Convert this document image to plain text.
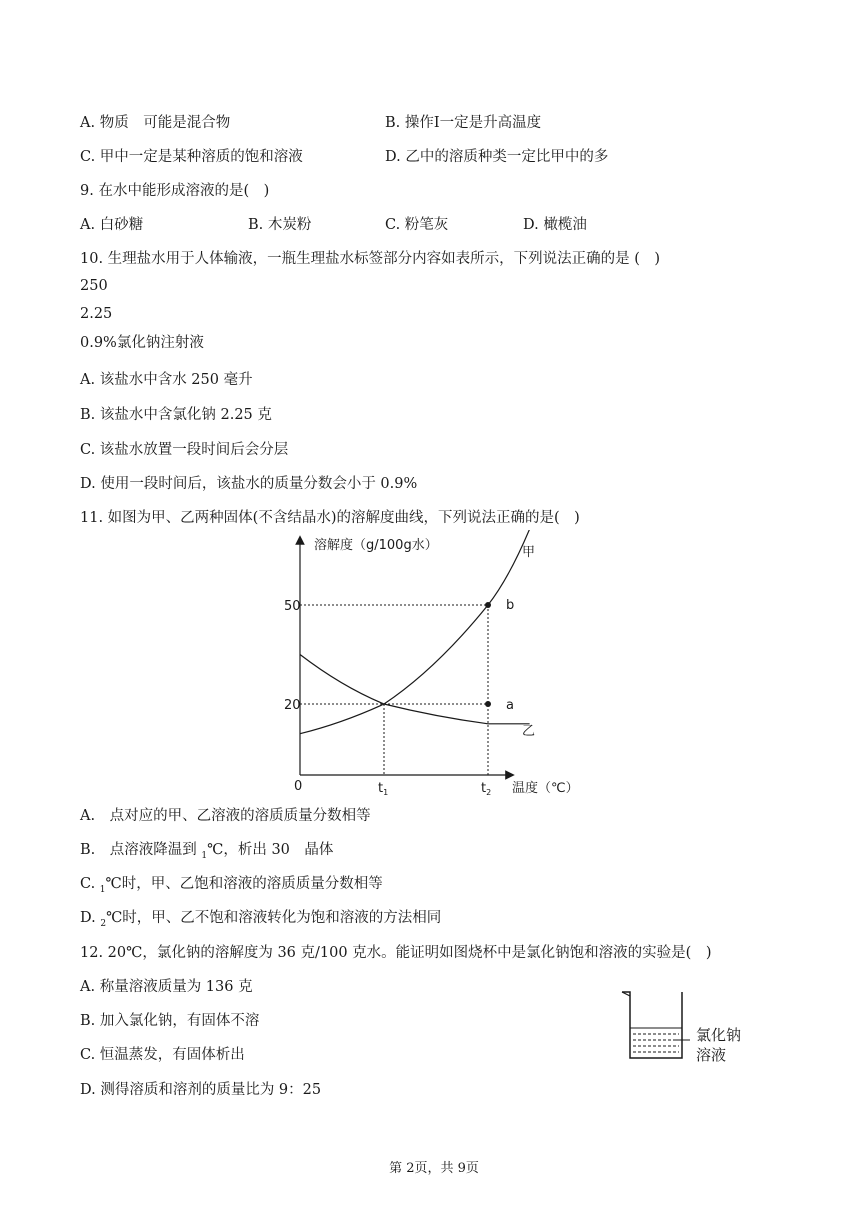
A. 物质　可能是混合物	B. 操作Ⅰ一定是升高温度
C. 甲中一定是某种溶质的饱和溶液	D. 乙中的溶质种类一定比甲中的多
9. 在水中能形成溶液的是(　)
A. 白砂糖	B. 木炭粉	C. 粉笔灰	D. 橄榄油
10. 生理盐水用于人体输液，一瓶生理盐水标签部分内容如表所示，下列说法正确的是 (　)
250
2.25
0.9%氯化钠注射液
A. 该盐水中含水 250 毫升
B. 该盐水中含氯化钠 2.25 克
C. 该盐水放置一段时间后会分层
D. 使用一段时间后，该盐水的质量分数会小于 0.9%
11. 如图为甲、乙两种固体(不含结晶水)的溶解度曲线，下列说法正确的是(　)
溶解度（g/100g水）
温度（℃）
0
50
20
$t_1$	$t_2$
甲
乙
b
a
A.　点对应的甲、乙溶液的溶质质量分数相等
B.　点溶液降温到 $_1$℃，析出 30　晶体
C. $_1$℃时，甲、乙饱和溶液的溶质质量分数相等
D. $_2$℃时，甲、乙不饱和溶液转化为饱和溶液的方法相同
12. 20℃，氯化钠的溶解度为 36 克/100 克水。能证明如图烧杯中是氯化钠饱和溶液的实验是(　)
A. 称量溶液质量为 136 克
B. 加入氯化钠，有固体不溶
C. 恒温蒸发，有固体析出
D. 测得溶质和溶剂的质量比为 9：25
氯化钠
溶液
第 2页，共 9页
